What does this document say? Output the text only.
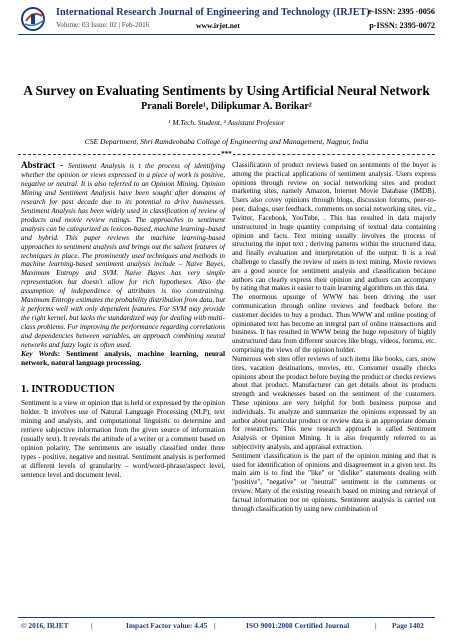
International Research Journal of Engineering and Technology (IRJET)
e-ISSN: 2395 -0056
Volume: 03 Issue: 02 | Feb-2016	www.irjet.net	p-ISSN: 2395-0072
A Survey on Evaluating Sentiments by Using Artificial Neural Network
Pranali Borele¹, Dilipkumar A. Borikar²
¹ M.Tech. Student, ² Assistant Professor
CSE Department, Shri Ramdeobaba College of Engineering and Management, Nagpur, India
***

Abstract - Sentiment Analysis is t the process of identifying whether the opinion or views expressed in a piece of work is positive, negative or neutral. It is also referred to an Opinion Mining. Opinion Mining and Sentiment Analysis have been sought after domains of research for past decade due to its potential to drive businesses. Sentiment Analysis has been widely used in classification of review of products and movie review ratings. The approaches to sentiment analysis can be categorized as lexicon-based, machine learning–based and hybrid. This paper reviews the machine learning-based approaches to sentiment analysis and brings out the salient features of techniques in place. The prominently used techniques and methods in machine learning-based sentiment analysis include – Naive Bayes, Maximum Entropy and SVM. Naive Bayes has very simple representation but doesn't allow for rich hypotheses. Also the assumption of independence of attributes is too constraining. Maximum Entropy estimates the probability distribution from data, but it performs well with only dependent features. For SVM may provide the right kernel, but lacks the standardized way for dealing with multi-class problems. For improving the performance regarding correlations and dependencies between variables, an approach combining neural networks and fuzzy logic is often used.

Key Words: Sentiment analysis, machine learning, neural network, natural language processing.

1. INTRODUCTION

Sentiment is a view or opinion that is held or expressed by the opinion holder. It involves use of Natural Language Processing (NLP), text mining and analysis, and computational linguistic to determine and retrieve subjective information from the given source of information (usually text). It reveals the attitude of a writer or a comment based on opinion polarity. The sentiments are usually classified under three types - positive, negative and neutral. Sentiment analysis is performed at different levels of granularity – word/word-phrase/aspect level, sentence level and document level.

Classification of product reviews based on sentiments of the buyer is among the practical applications of sentiment analysis. Users express opinions through review on social networking sites and product marketing sites, namely Amazon, Internet Movie Database (IMDB). Users also covey opinions through blogs, discussion forums, peer-to-peer, dialogs, user feedback, comments on social networking sites, viz., Twitter, Facebook, YouTube, . This has resulted in data majorly unstructured in huge quantity comprising of textual data containing opinion and facts. Text mining usually involves the process of structuring the input text , deriving patterns within the structured data, and finally evaluation and interpretation of the output. It is a real challenge to classify the review of users in text mining. Movie reviews are a good source for sentiment analysis and classification because authors can clearly express their opinion and authors can accompany by rating that makes it easier to train learning algorithms on this data.

The enormous upsurge of WWW has been driving the user communication through online reviews and feedback before the customer decides to buy a product. Thus WWW and online posting of opinionated text has become an integral part of online transactions and business. It has resulted in WWW being the huge repository of highly unstructured data from different sources like blogs, videos, forums, etc. comprising the views of the opinion holder.

Numerous web sites offer reviews of such items like books, cars, snow tires, vacation destinations, movies, etc. Consumer usually checks opinions about the product before buying the product or checks reviews about that product. Manufacturer can get details about its products strength and weaknesses based on the sentiment of the customers. These opinions are very helpful for both business purpose and individuals. To analyze and summarize the opinions expressed by an author about particular product or review data is an appropriate domain for researchers. This new research approach is called Sentiment Analysis or Opinion Mining. It is also frequently referred to as subjectivity analysis, and appraisal extraction.

Sentiment classification is the part of the opinion mining and that is used for identification of opinions and disagreement in a given text. Its main aim is to find the "like" or "dislike" statements dealing with "positive", "negative" or "neutral" sentiment in the comments or review. Many of the existing research based on mining and retrieval of factual information not on opinions. Sentiment analysis is carried out through classification by using new combination of

© 2016, IRJET	|	Impact Factor value: 4.45 |	ISO 9001:2008 Certified Journal	| Page 1402
